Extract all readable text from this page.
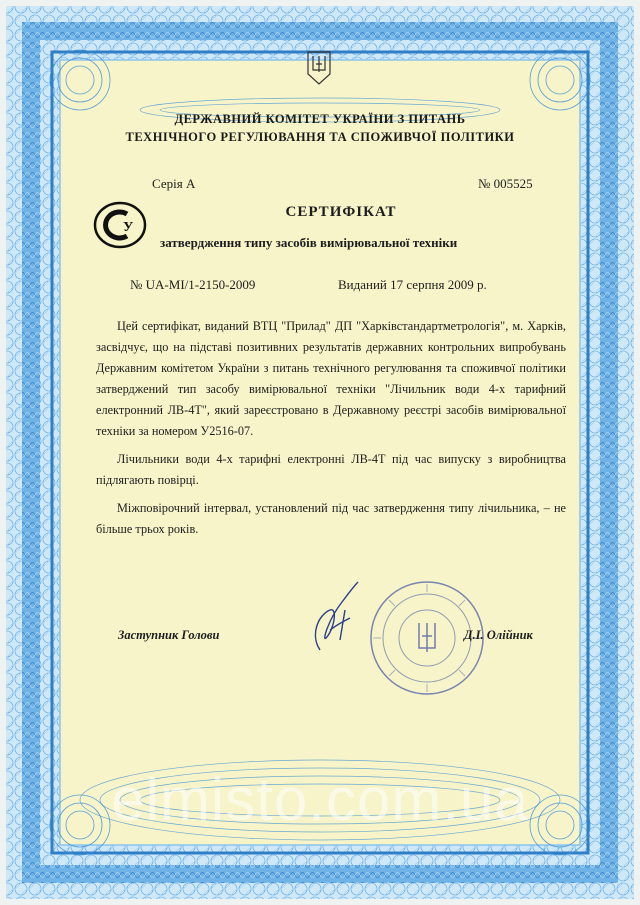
ДЕРЖАВНИЙ КОМІТЕТ УКРАЇНИ З ПИТАНЬ
ТЕХНІЧНОГО РЕГУЛЮВАННЯ ТА СПОЖИВЧОЇ ПОЛІТИКИ
Серія А	№ 005525
У
СЕРТИФІКАТ
затвердження типу засобів вимірювальної техніки
№ UA-MI/1-2150-2009	Виданий 17 серпня 2009 р.
Цей сертифікат, виданий ВТЦ "Прилад" ДП "Харківстандартметрологія", м. Харків, засвідчує, що на підставі позитивних результатів державних контрольних випробувань Державним комітетом України з питань технічного регулювання та споживчої політики затверджений тип засобу вимірювальної техніки "Лічильник води 4-х тарифний електронний ЛВ-4Т", який зареєстровано в Державному реєстрі засобів вимірювальної техніки за номером У2516-07.
Лічильники води 4-х тарифні електронні ЛВ-4Т під час випуску з виробництва підлягають повірці.
Міжповірочний інтервал, установлений під час затвердження типу лічильника, – не більше трьох років.
Заступник Голови	Д.І. Олійник
elmisto.com.ua
